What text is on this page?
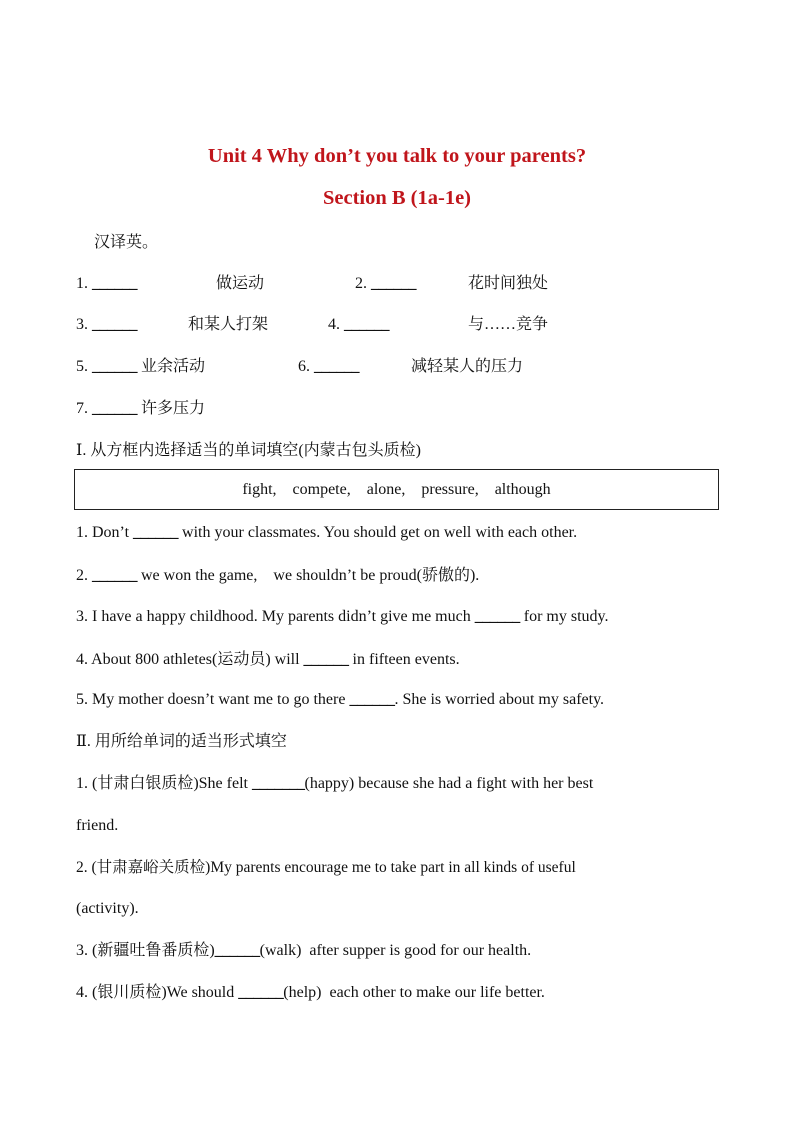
Unit 4 Why don’t you talk to your parents?
Section B (1a-1e)
汉译英。
1. ______	做运动	2. ______	花时间独处
3. ______	和某人打架	4. ______	与……竞争
5. ______ 业余活动	6. ______	减轻某人的压力
7. ______ 许多压力
Ⅰ. 从方框内选择适当的单词填空(内蒙古包头质检)
fight,    compete,    alone,    pressure,    although
1. Don’t ______ with your classmates. You should get on well with each other.
2. ______ we won the game,    we shouldn’t be proud(骄傲的).
3. I have a happy childhood. My parents didn’t give me much ______ for my study.
4. About 800 athletes(运动员) will ______ in fifteen events.
5. My mother doesn’t want me to go there ______. She is worried about my safety.
Ⅱ. 用所给单词的适当形式填空
1. (甘肃白银质检)She felt _______(happy) because she had a fight with her best
friend.
2. (甘肃嘉峪关质检)My parents encourage me to take part in all kinds of useful
(activity).
3. (新疆吐鲁番质检)______(walk)  after supper is good for our health.
4. (银川质检)We should ______(help)  each other to make our life better.
